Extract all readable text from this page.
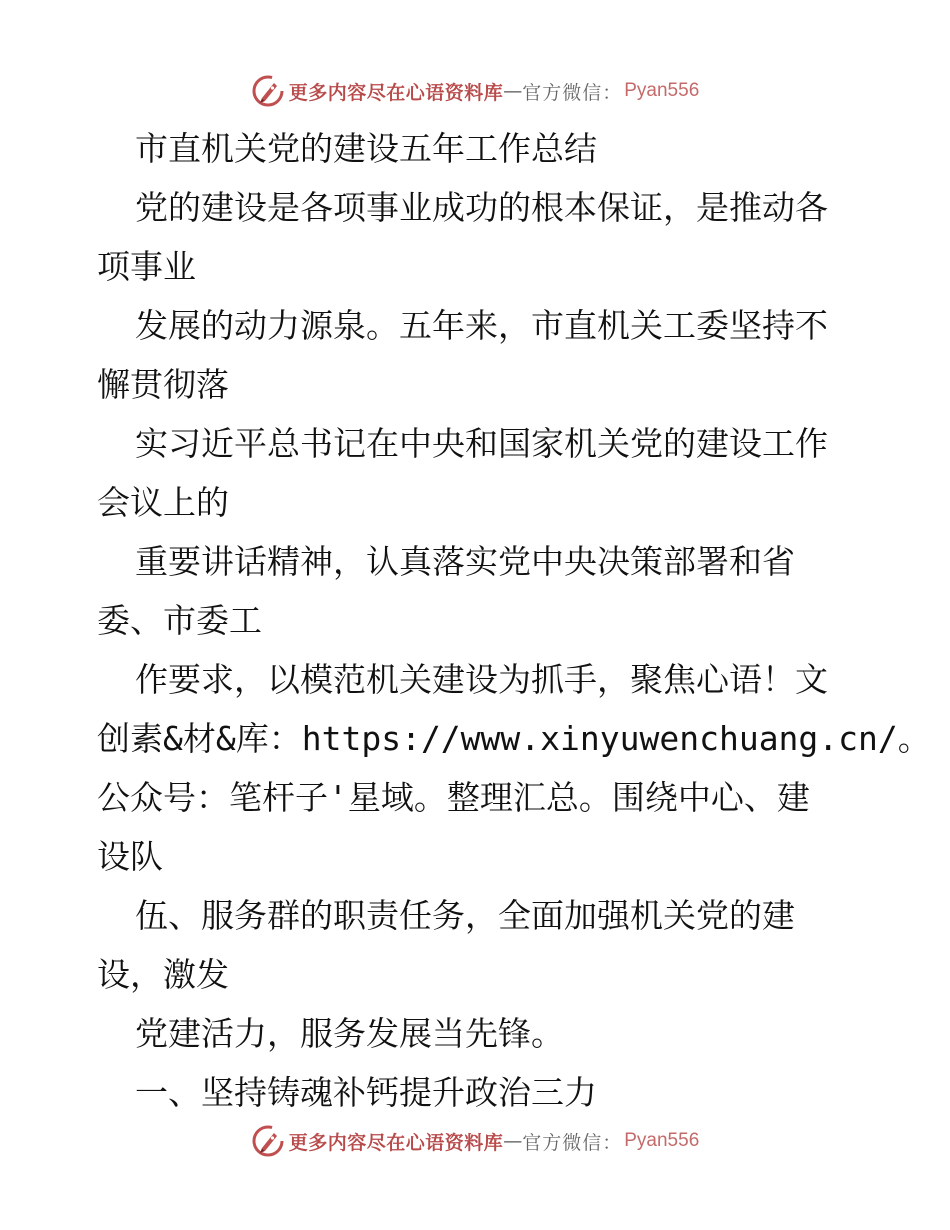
更多内容尽在心语资料库 — 官方微信： Pyan556
市直机关党的建设五年工作总结
党的建设是各项事业成功的根本保证，是推动各
项事业
发展的动力源泉。五年来，市直机关工委坚持不
懈贯彻落
实习近平总书记在中央和国家机关党的建设工作
会议上的
重要讲话精神，认真落实党中央决策部署和省
委、市委工
作要求，以模范机关建设为抓手，聚焦心语！文
创素&材&库：https://www.xinyuwenchuang.cn/。
公众号：笔杆子'星域。整理汇总。围绕中心、建
设队
伍、服务群的职责任务，全面加强机关党的建
设，激发
党建活力，服务发展当先锋。
一、坚持铸魂补钙提升政治三力
更多内容尽在心语资料库 — 官方微信： Pyan556
